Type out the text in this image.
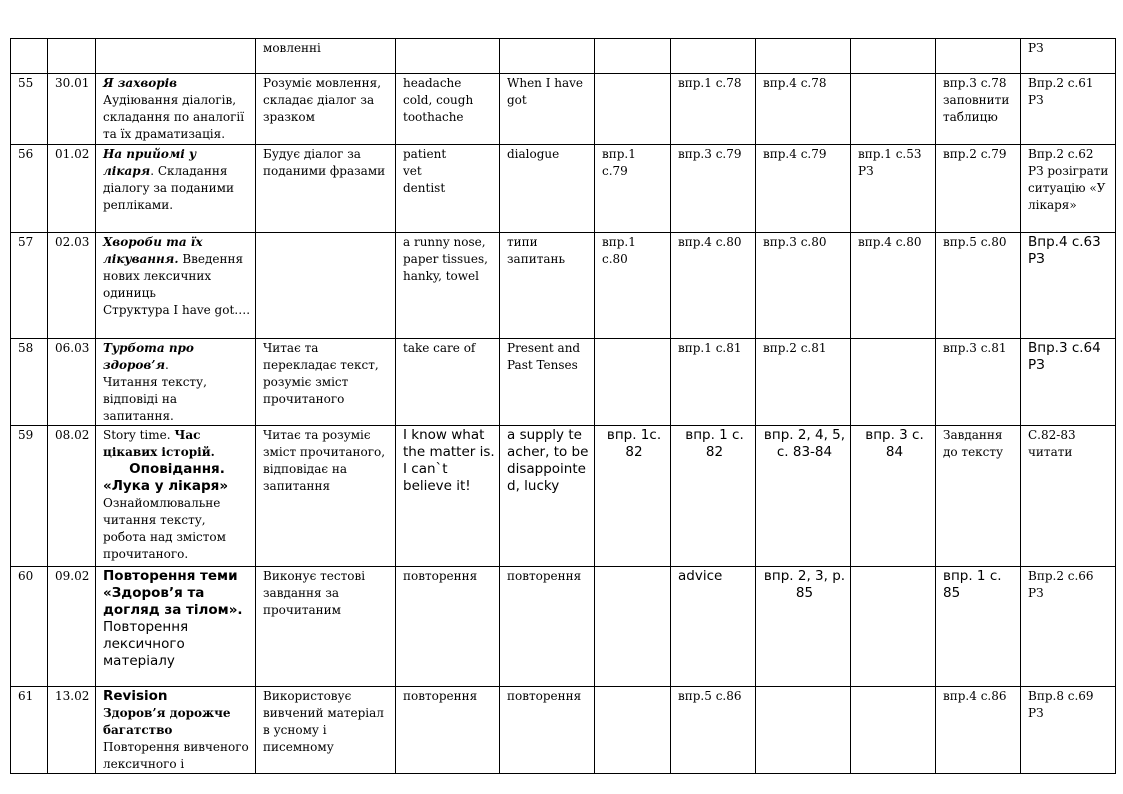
			мовленні								РЗ
55	30.01	Я захворів
Аудіювання діалогів, складання по аналогії та їх драматизація.	Розуміє мовлення, складає діалог за зразком	headache cold, cough toothache	When I have got		впр.1 с.78	впр.4 с.78		впр.3 с.78 заповнити таблицю	Впр.2 с.61 РЗ
56	01.02	На прийомі у лікаря. Складання діалогу за поданими репліками.	Будує діалог за поданими фразами	patient
vet
dentist	dialogue	впр.1 с.79	впр.3 с.79	впр.4 с.79	впр.1 с.53 РЗ	впр.2 с.79	Впр.2 с.62 РЗ розіграти ситуацію «У лікаря»
57	02.03	Хвороби та їх лікування. Введення нових лексичних одиниць
Структура I have got….		a runny nose, paper tissues, hanky, towel	типи запитань	впр.1 с.80	впр.4 с.80	впр.3 с.80	впр.4 с.80	впр.5 с.80	Впр.4 с.63 РЗ
58	06.03	Турбота про здоров’я. Читання тексту, відповіді на запитання.	Читає та перекладає текст, розуміє зміст прочитаного	take care of	Present and Past Tenses		впр.1 с.81	впр.2 с.81		впр.3 с.81	Впр.3 с.64 РЗ
59	08.02	Story time. Час цікавих історій.
Оповідання.
«Лука у лікаря»
Ознайомлювальне читання тексту, робота над змістом прочитаного.	Читає та розуміє зміст прочитаного, відповідає на запитання	I know what the matter is. I can`t believe it!	a supply teacher, to be disappointed, lucky	впр. 1с. 82	впр. 1 с. 82	впр. 2, 4, 5, с. 83-84	впр. 3 с. 84	Завдання до тексту	С.82-83 читати
60	09.02	Повторення теми «Здоров’я та догляд за тілом».
Повторення лексичного матеріалу	Виконує тестові завдання за прочитаним	повторення	повторення		advice	впр. 2, 3, p. 85		впр. 1 с. 85	Впр.2 с.66 РЗ
61	13.02	Revision
Здоров’я дорожче багатство Повторення вивченого лексичного і	Використовує вивчений матеріал в усному і писемному	повторення	повторення		впр.5 с.86			впр.4 с.86	Впр.8 с.69 РЗ
